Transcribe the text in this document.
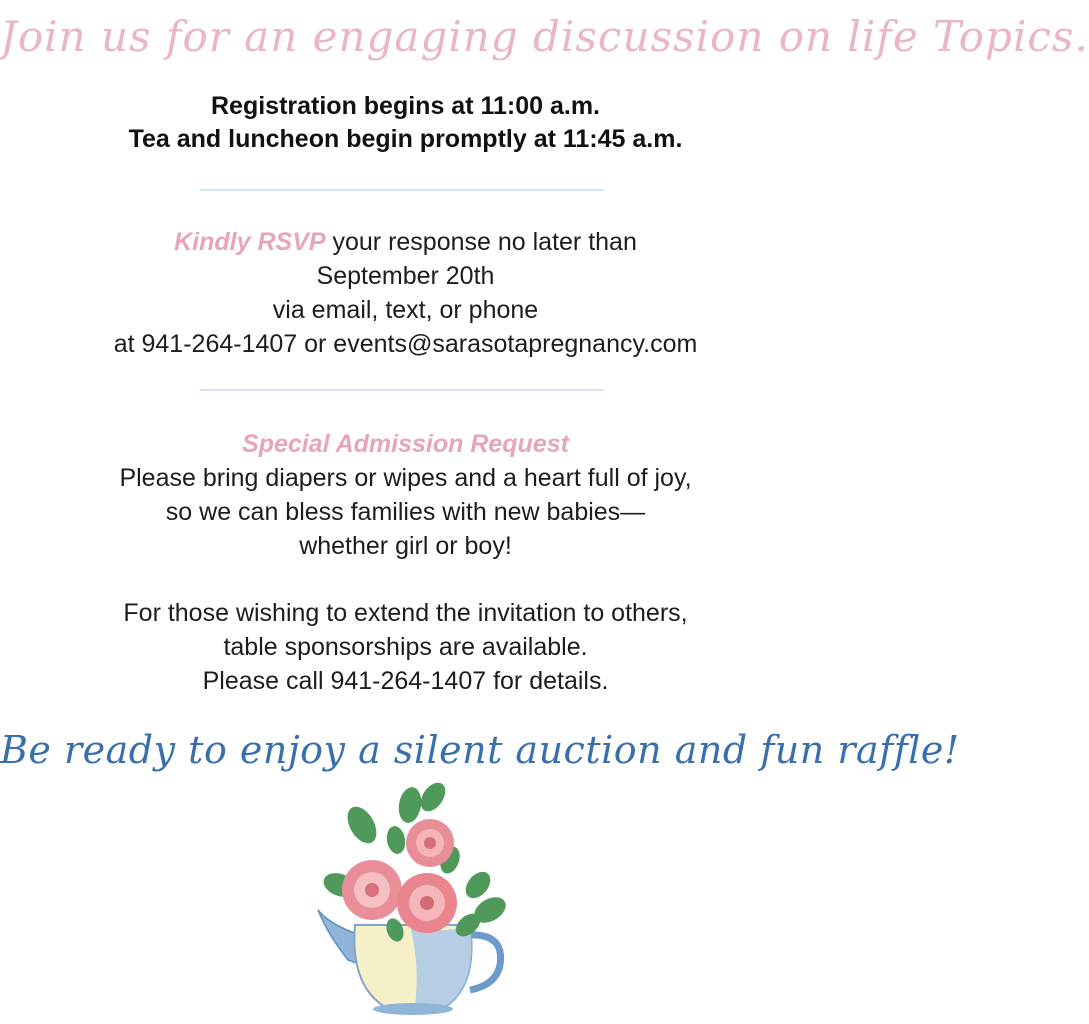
Join us for an engaging discussion on life Topics.
Registration begins at 11:00 a.m.
Tea and luncheon begin promptly at 11:45 a.m.
Kindly RSVP your response no later than
September 20th
via email, text, or phone
at 941-264-1407 or events@sarasotapregnancy.com
Special Admission Request
Please bring diapers or wipes and a heart full of joy,
so we can bless families with new babies—
whether girl or boy!
For those wishing to extend the invitation to others,
table sponsorships are available.
Please call 941-264-1407 for details.
Be ready to enjoy a silent auction and fun raffle!
